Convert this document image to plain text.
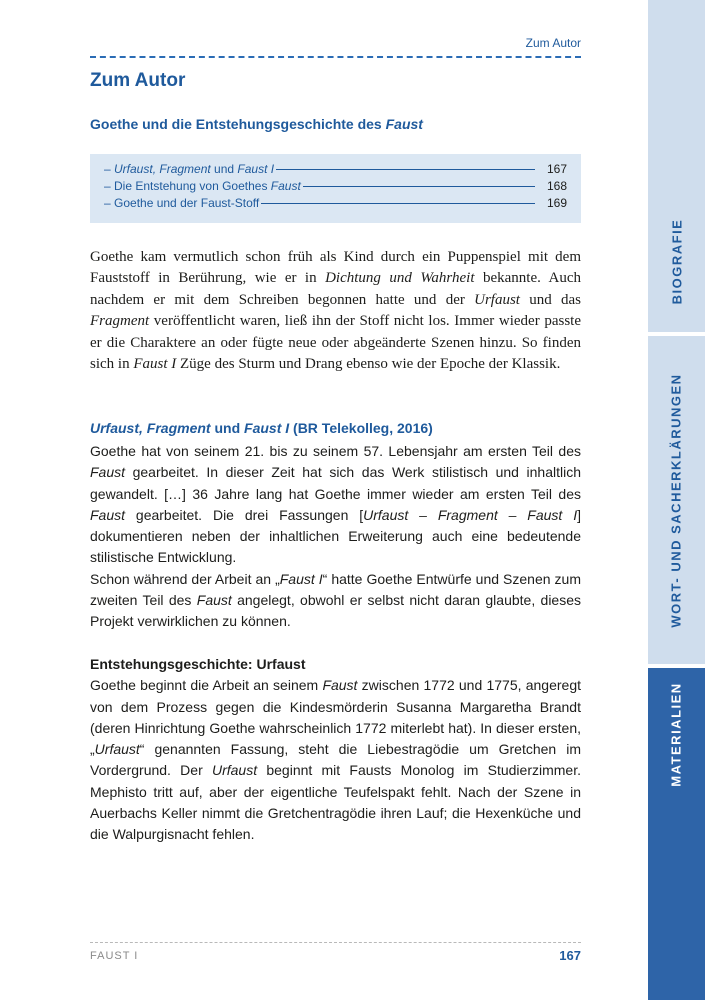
Zum Autor
Zum Autor
Goethe und die Entstehungsgeschichte des Faust
– Urfaust, Fragment und Faust I	167
– Die Entstehung von Goethes Faust	168
– Goethe und der Faust-Stoff	169

Goethe kam vermutlich schon früh als Kind durch ein Puppenspiel mit dem Fauststoff in Berührung, wie er in Dichtung und Wahrheit bekannte. Auch nachdem er mit dem Schreiben begonnen hatte und der Urfaust und das Fragment veröffentlicht waren, ließ ihn der Stoff nicht los. Immer wieder passte er die Charaktere an oder fügte neue oder abgeänderte Szenen hinzu. So finden sich in Faust I Züge des Sturm und Drang ebenso wie der Epoche der Klassik.

Urfaust, Fragment und Faust I (BR Telekolleg, 2016)

Goethe hat von seinem 21. bis zu seinem 57. Lebensjahr am ersten Teil des Faust gearbeitet. In dieser Zeit hat sich das Werk stilistisch und inhaltlich gewandelt. […] 36 Jahre lang hat Goethe immer wieder am ersten Teil des Faust gearbeitet. Die drei Fassungen [Urfaust – Fragment – Faust I] dokumentieren neben der inhaltlichen Erweiterung auch eine bedeutende stilistische Entwicklung.

Schon während der Arbeit an „Faust I“ hatte Goethe Entwürfe und Szenen zum zweiten Teil des Faust angelegt, obwohl er selbst nicht daran glaubte, dieses Projekt verwirklichen zu können.

Entstehungsgeschichte: Urfaust

Goethe beginnt die Arbeit an seinem Faust zwischen 1772 und 1775, angeregt von dem Prozess gegen die Kindesmörderin Susanna Margaretha Brandt (deren Hinrichtung Goethe wahrscheinlich 1772 miterlebt hat). In dieser ersten, „Urfaust“ genannten Fassung, steht die Liebestragödie um Gretchen im Vordergrund. Der Urfaust beginnt mit Fausts Monolog im Studierzimmer. Mephisto tritt auf, aber der eigentliche Teufelspakt fehlt. Nach der Szene in Auerbachs Keller nimmt die Gretchentragödie ihren Lauf; die Hexenküche und die Walpurgisnacht fehlen.

FAUST I	167
BIOGRAFIE
WORT- UND SACHERKLÄRUNGEN
MATERIALIEN
